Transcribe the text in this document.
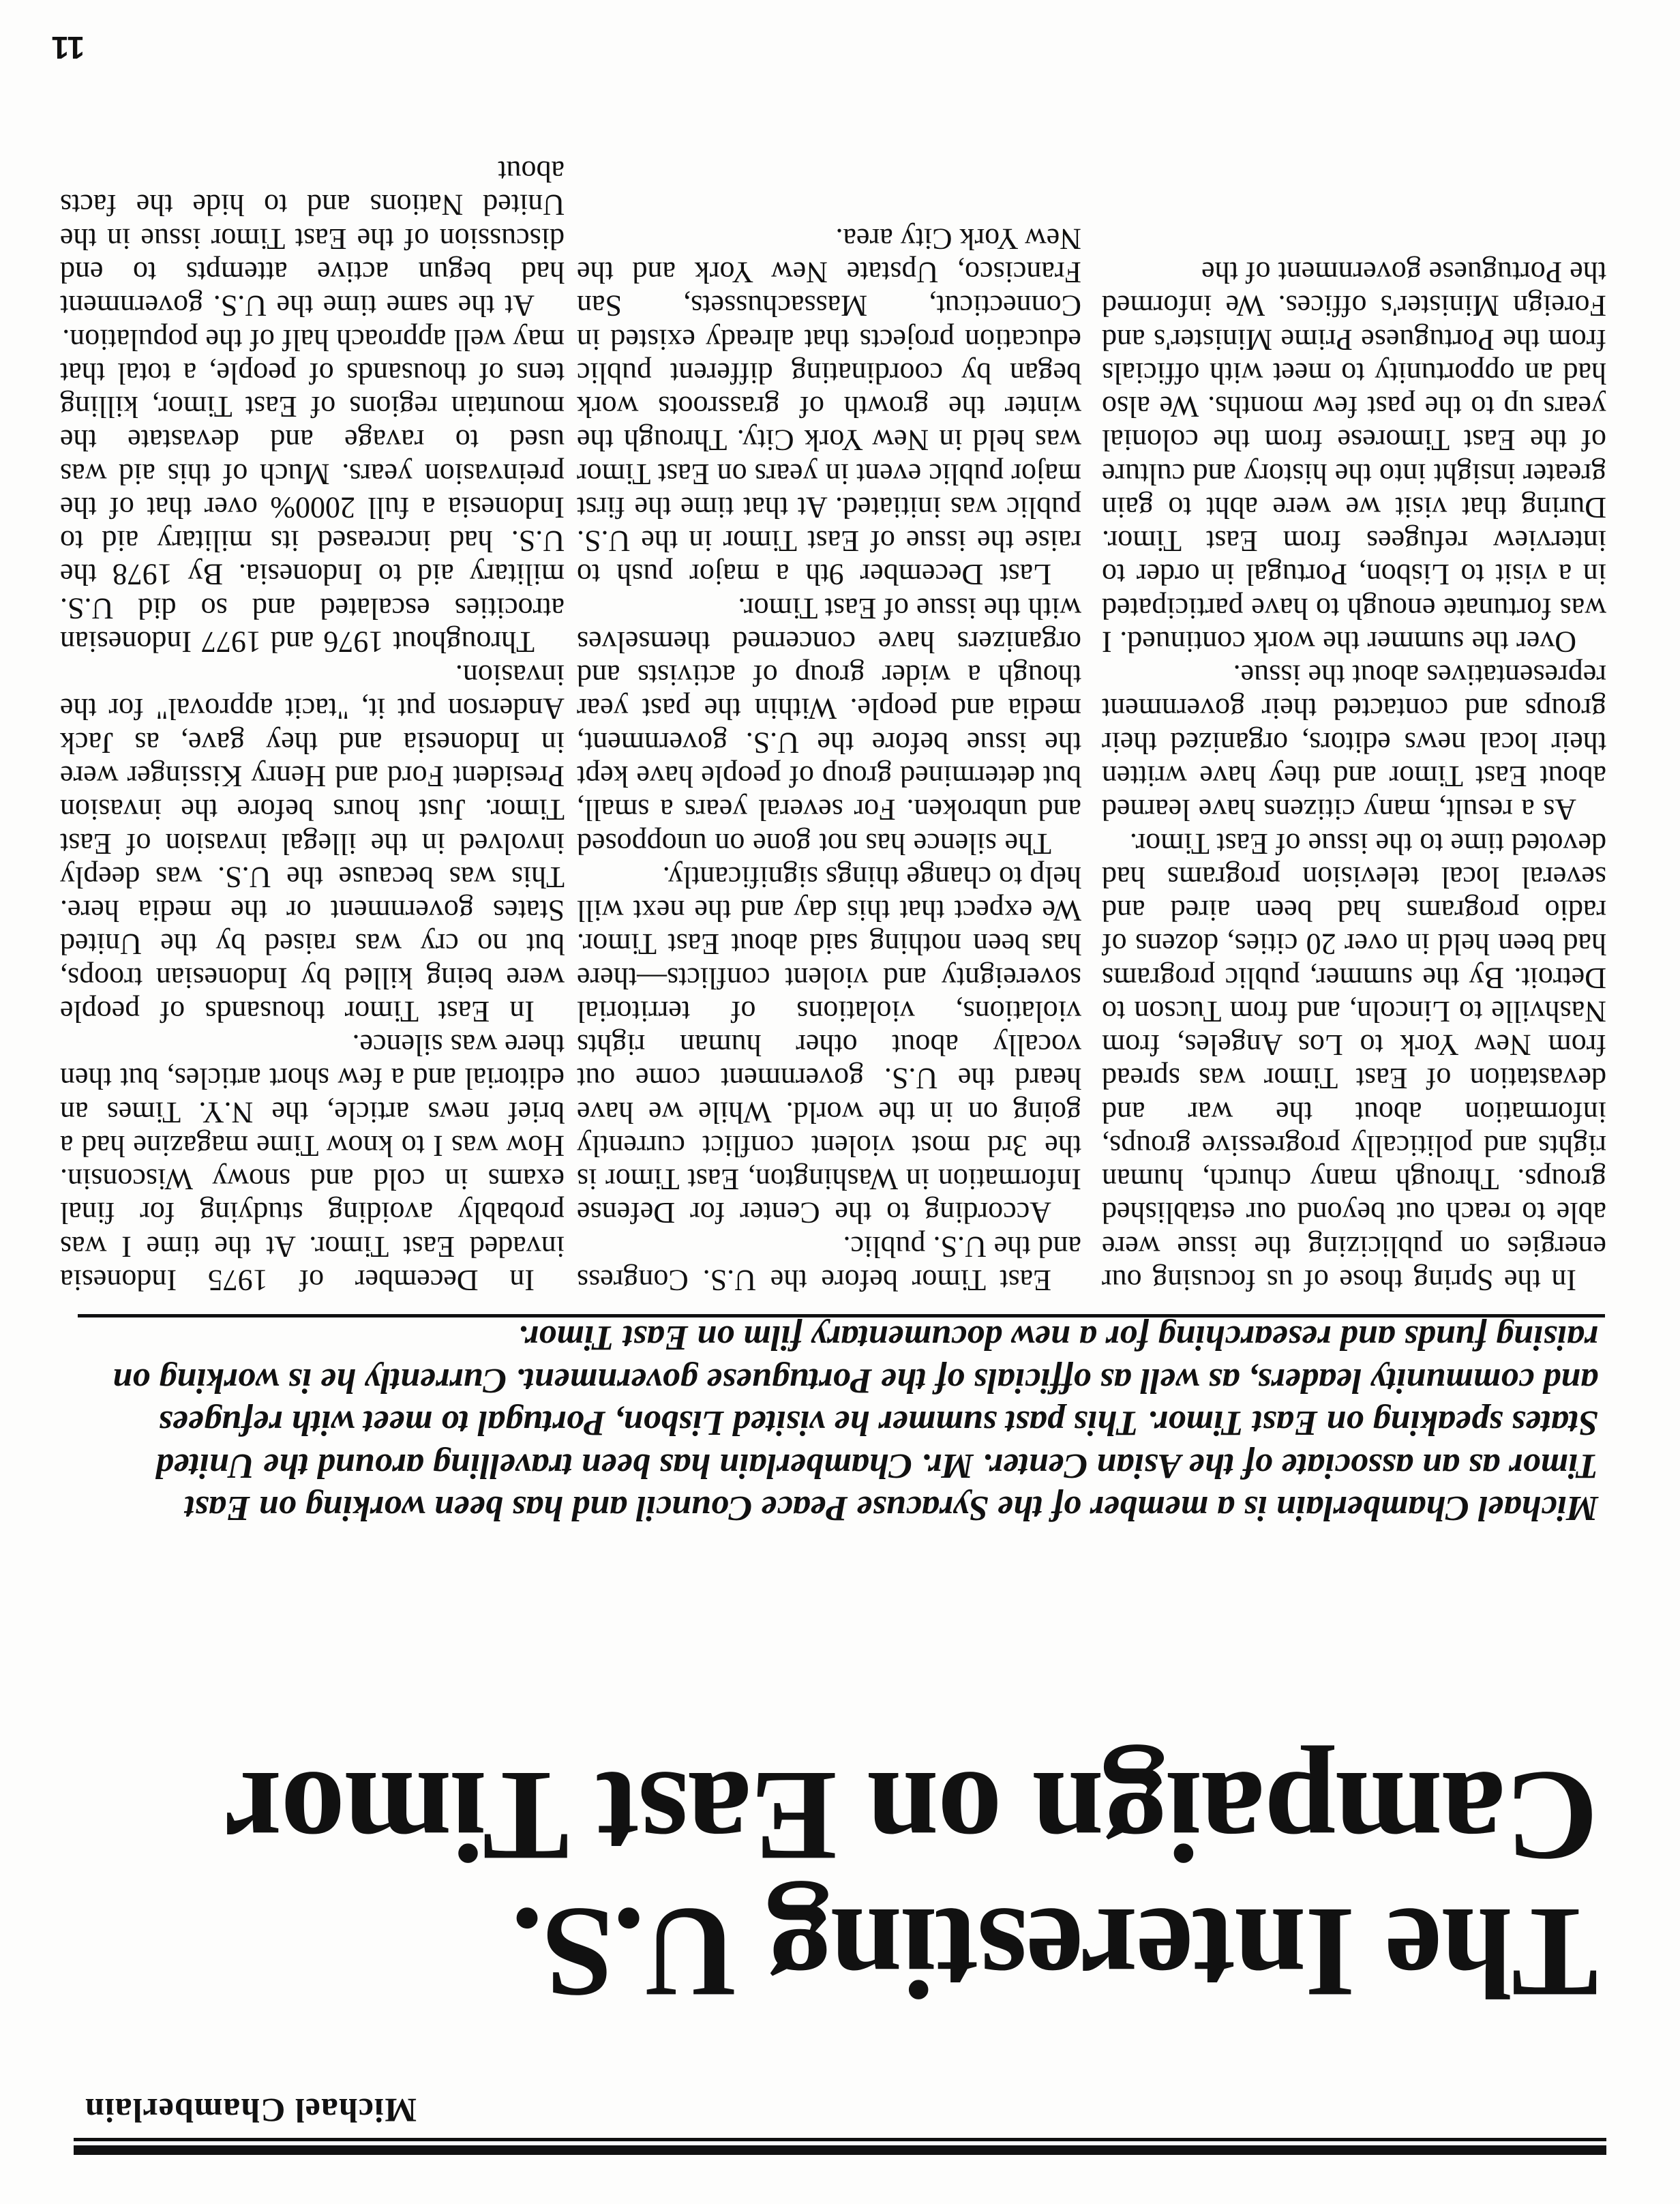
Michael Chamberlain

The Interesting U.S.
Campaign on East Timor

Michael Chamberlain is a member of the Syracuse Peace Council and has been working on East Timor as an associate of the Asian Center. Mr. Chamberlain has been travelling around the United States speaking on East Timor. This past summer he visited Lisbon, Portugal to meet with refugees and community leaders, as well as officials of the Portuguese government. Currently he is working on raising funds and researching for a new documentary film on East Timor.

In December of 1975 Indonesia invaded East Timor. At the time I was probably avoiding studying for final exams in cold and snowy Wisconsin. How was I to know Time magazine had a brief news article, the N.Y. Times an editorial and a few short articles, but then there was silence.

In East Timor thousands of people were being killed by Indonesian troops, but no cry was raised by the United States government or the media here. This was because the U.S. was deeply involved in the illegal invasion of East Timor. Just hours before the invasion President Ford and Henry Kissinger were in Indonesia and they gave, as Jack Anderson put it, "tacit approval" for the invasion.

Throughout 1976 and 1977 Indonesian atrocities escalated and so did U.S. military aid to Indonesia. By 1978 the U.S. had increased its military aid to Indonesia a full 2000% over that of the preinvasion years. Much of this aid was used to ravage and devastate the mountain regions of East Timor, killing tens of thousands of people, a total that may well approach half of the population.

At the same time the U.S. government had begun active attempts to end discussion of the East Timor issue in the United Nations and to hide the facts about

East Timor before the U.S. Congress and the U.S. public.

According to the Center for Defense Information in Washington, East Timor is the 3rd most violent conflict currently going on in the world. While we have heard the U.S. government come out vocally about other human rights violations, violations of territorial sovereignty and violent conflicts—there has been nothing said about East Timor. We expect that this day and the next will help to change things significantly.

The silence has not gone on unopposed and unbroken. For several years a small, but determined group of people have kept the issue before the U.S. government, media and people. Within the past year though a wider group of activists and organizers have concerned themselves with the issue of East Timor.

Last December 9th a major push to raise the issue of East Timor in the U.S. public was initiated. At that time the first major public event in years on East Timor was held in New York City. Through the winter the growth of grassroots work began by coordinating different public education projects that already existed in Connecticut, Massachussets, San Francisco, Upstate New York and the New York City area.

In the Spring those of us focusing our energies on publicizing the issue were able to reach out beyond our established groups. Through many church, human rights and politically progressive groups, information about the war and devastation of East Timor was spread from New York to Los Angeles, from Nashville to Lincoln, and from Tucson to Detroit. By the summer, public programs had been held in over 20 cities, dozens of radio programs had been aired and several local television programs had devoted time to the issue of East Timor.

As a result, many citizens have learned about East Timor and they have written their local news editors, organized their groups and contacted their government representatives about the issue.

Over the summer the work continued. I was fortunate enough to have participated in a visit to Lisbon, Portugal in order to interview refugees from East Timor. During that visit we were abht to gain greater insight into the history and culture of the East Timorese from the colonial years up to the past few months. We also had an opportunity to meet with officials from the Portuguese Prime Minister's and Foreign Minister's offices. We informed the Portuguese government of the

11
